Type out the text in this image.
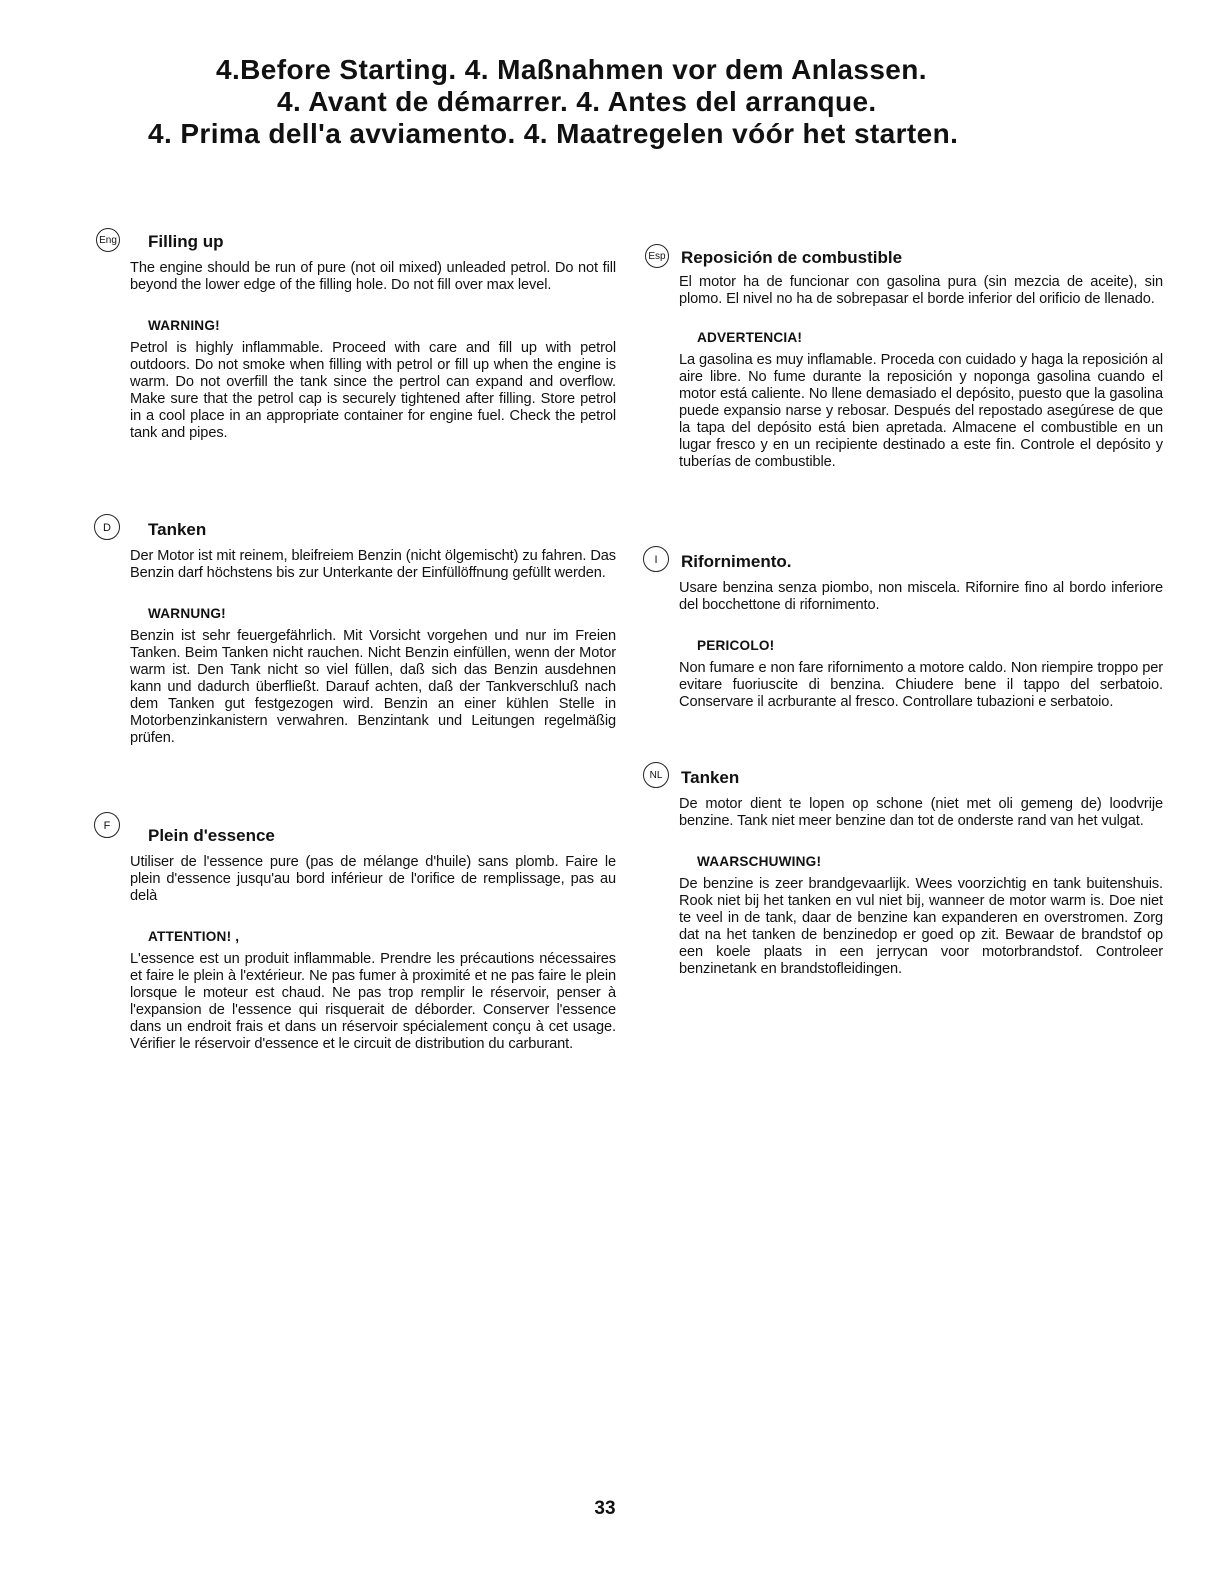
4.Before Starting. 4. Maßnahmen vor dem Anlassen.
4. Avant de démarrer. 4. Antes del arranque.
4. Prima dell'a avviamento. 4. Maatregelen vóór het starten.
Eng Filling up

The engine should be run of pure (not oil mixed) unleaded petrol. Do not fill beyond the lower edge of the filling hole. Do not fill over max level.

WARNING!

Petrol is highly inflammable. Proceed with care and fill up with petrol outdoors. Do not smoke when filling with petrol or fill up when the engine is warm. Do not overfill the tank since the pertrol can expand and overflow. Make sure that the petrol cap is securely tightened after filling. Store petrol in a cool place in an appropriate container for engine fuel. Check the petrol tank and pipes.

D	Tanken

Der Motor ist mit reinem, bleifreiem Benzin (nicht ölgemischt) zu fahren. Das Benzin darf höchstens bis zur Unterkante der Einfüllöffnung gefüllt werden.

WARNUNG!

Benzin ist sehr feuergefährlich. Mit Vorsicht vorgehen und nur im Freien Tanken. Beim Tanken nicht rauchen. Nicht Benzin einfüllen, wenn der Motor warm ist. Den Tank nicht so viel füllen, daß sich das Benzin ausdehnen kann und dadurch überfließt. Darauf achten, daß der Tankverschluß nach dem Tanken gut festgezogen wird. Benzin an einer kühlen Stelle in Motorbenzinkanistern verwahren. Benzintank und Leitungen regelmäßig prüfen.

F	Plein d'essence

Utiliser de l'essence pure (pas de mélange d'huile) sans plomb. Faire le plein d'essence jusqu'au bord inférieur de l'orifice de remplissage, pas au delà

ATTENTION! ,

L'essence est un produit inflammable. Prendre les précautions nécessaires et faire le plein à l'extérieur. Ne pas fumer à proximité et ne pas faire le plein lorsque le moteur est chaud. Ne pas trop remplir le réservoir, penser à l'expansion de l'essence qui risquerait de déborder. Conserver l'essence dans un endroit frais et dans un réservoir spécialement conçu à cet usage. Vérifier le réservoir d'essence et le circuit de distribution du carburant.

Esp Reposición de combustible

El motor ha de funcionar con gasolina pura (sin mezcia de aceite), sin plomo. El nivel no ha de sobrepasar el borde inferior del orificio de llenado.

ADVERTENCIA!

La gasolina es muy inflamable. Proceda con cuidado y haga la reposición al aire libre. No fume durante la reposición y noponga gasolina cuando el motor está caliente. No llene demasiado el depósito, puesto que la gasolina puede expansio narse y rebosar. Después del repostado asegúrese de que la tapa del depósito está bien apretada. Almacene el combustible en un lugar fresco y en un recipiente destinado a este fin. Controle el depósito y tuberías de combustible.

I	Rifornimento.

Usare benzina senza piombo, non miscela. Rifornire fino al bordo inferiore del bocchettone di rifornimento.

PERICOLO!

Non fumare e non fare rifornimento a motore caldo. Non riempire troppo per evitare fuoriuscite di benzina. Chiudere bene il tappo del serbatoio. Conservare il acrburante al fresco. Controllare tubazioni e serbatoio.

NL	Tanken

De motor dient te lopen op schone (niet met oli gemeng de) loodvrije benzine. Tank niet meer benzine dan tot de onderste rand van het vulgat.

WAARSCHUWING!

De benzine is zeer brandgevaarlijk. Wees voorzichtig en tank buitenshuis. Rook niet bij het tanken en vul niet bij, wanneer de motor warm is. Doe niet te veel in de tank, daar de benzine kan expanderen en overstromen. Zorg dat na het tanken de benzinedop er goed op zit. Bewaar de brandstof op een koele plaats in een jerrycan voor motorbrandstof. Controleer benzinetank en brandstofleidingen.

33
